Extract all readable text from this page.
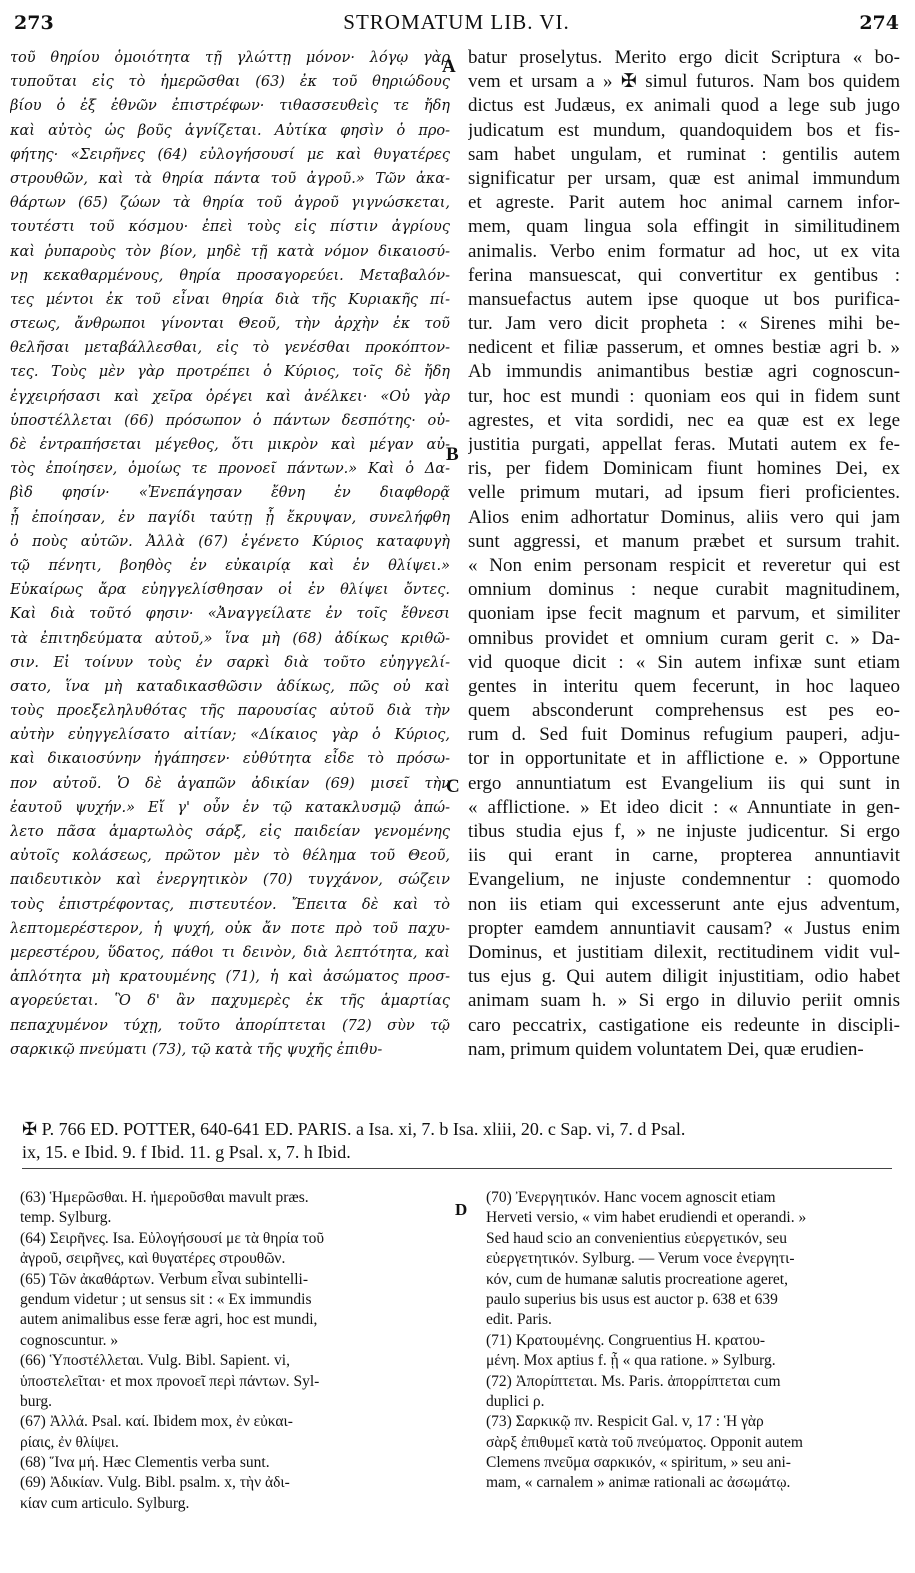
273	STROMATUM LIB. VI.	274
τοῦ θηρίου ὁμοιότητα τῇ γλώττῃ μόνον· λόγῳ γὰρ
τυποῦται εἰς τὸ ἡμερῶσθαι (63) ἐκ τοῦ θηριώδους
βίου ὁ ἐξ ἐθνῶν ἐπιστρέφων· τιθασσευθεὶς τε ἤδη
καὶ αὐτὸς ὡς βοῦς ἁγνίζεται. Αὐτίκα φησὶν ὁ προ-
φήτης· «Σειρῆνες (64) εὐλογήσουσί με καὶ θυγατέρες
στρουθῶν, καὶ τὰ θηρία πάντα τοῦ ἀγροῦ.» Τῶν ἀκα-
θάρτων (65) ζώων τὰ θηρία τοῦ ἀγροῦ γιγνώσκεται,
τουτέστι τοῦ κόσμου· ἐπεὶ τοὺς εἰς πίστιν ἀγρίους
καὶ ῥυπαροὺς τὸν βίον, μηδὲ τῇ κατὰ νόμον δικαιοσύ-
νῃ κεκαθαρμένους, θηρία προσαγορεύει. Μεταβαλόν-
τες μέντοι ἐκ τοῦ εἶναι θηρία διὰ τῆς Κυριακῆς πί-
στεως, ἄνθρωποι γίνονται Θεοῦ, τὴν ἀρχὴν ἐκ τοῦ
θελῆσαι μεταβάλλεσθαι, εἰς τὸ γενέσθαι προκόπτον-
τες. Τοὺς μὲν γὰρ προτρέπει ὁ Κύριος, τοῖς δὲ ἤδη
ἐγχειρήσασι καὶ χεῖρα ὀρέγει καὶ ἀνέλκει· «Οὐ γὰρ
ὑποστέλλεται (66) πρόσωπον ὁ πάντων δεσπότης· οὐ-
δὲ ἐντραπήσεται μέγεθος, ὅτι μικρὸν καὶ μέγαν αὐ-
τὸς ἐποίησεν, ὁμοίως τε προνοεῖ πάντων.» Καὶ ὁ Δα-
βὶδ φησίν· «Ἐνεπάγησαν ἔθνη ἐν διαφθορᾷ
ᾗ ἐποίησαν, ἐν παγίδι ταύτῃ ᾗ ἔκρυψαν, συνελήφθη
ὁ ποὺς αὐτῶν. Ἀλλὰ (67) ἐγένετο Κύριος καταφυγὴ
τῷ πένητι, βοηθὸς ἐν εὐκαιρίᾳ καὶ ἐν θλίψει.»
Εὐκαίρως ἄρα εὐηγγελίσθησαν οἱ ἐν θλίψει ὄντες.
Καὶ διὰ τοῦτό φησιν· «Ἀναγγείλατε ἐν τοῖς ἔθνεσι
τὰ ἐπιτηδεύματα αὐτοῦ,» ἵνα μὴ (68) ἀδίκως κριθῶ-
σιν. Εἰ τοίνυν τοὺς ἐν σαρκὶ διὰ τοῦτο εὐηγγελί-
σατο, ἵνα μὴ καταδικασθῶσιν ἀδίκως, πῶς οὐ καὶ
τοὺς προεξεληλυθότας τῆς παρουσίας αὐτοῦ διὰ τὴν
αὐτὴν εὐηγγελίσατο αἰτίαν; «Δίκαιος γὰρ ὁ Κύριος,
καὶ δικαιοσύνην ἠγάπησεν· εὐθύτητα εἶδε τὸ πρόσω-
πον αὐτοῦ. Ὁ δὲ ἀγαπῶν ἀδικίαν (69) μισεῖ τὴν
ἑαυτοῦ ψυχήν.» Εἴ γ' οὖν ἐν τῷ κατακλυσμῷ ἀπώ-
λετο πᾶσα ἁμαρτωλὸς σάρξ, εἰς παιδείαν γενομένης
αὐτοῖς κολάσεως, πρῶτον μὲν τὸ θέλημα τοῦ Θεοῦ,
παιδευτικὸν καὶ ἐνεργητικὸν (70) τυγχάνον, σώζειν
τοὺς ἐπιστρέφοντας, πιστευτέον. Ἔπειτα δὲ καὶ τὸ
λεπτομερέστερον, ἡ ψυχή, οὐκ ἄν ποτε πρὸ τοῦ παχυ-
μερεστέρου, ὕδατος, πάθοι τι δεινὸν, διὰ λεπτότητα, καὶ
ἁπλότητα μὴ κρατουμένης (71), ἡ καὶ ἀσώματος προσ-
αγορεύεται. Ὃ δ' ἂν παχυμερὲς ἐκ τῆς ἁμαρτίας
πεπαχυμένον τύχῃ, τοῦτο ἀπορίπτεται (72) σὺν τῷ
σαρκικῷ πνεύματι (73), τῷ κατὰ τῆς ψυχῆς ἐπιθυ-
batur proselytus. Merito ergo dicit Scriptura « bo-
vem et ursam a » ✠ simul futuros. Nam bos quidem
dictus est Judæus, ex animali quod a lege sub jugo
judicatum est mundum, quandoquidem bos et fis-
sam habet ungulam, et ruminat : gentilis autem
significatur per ursam, quæ est animal immundum
et agreste. Parit autem hoc animal carnem infor-
mem, quam lingua sola effingit in similitudinem
animalis. Verbo enim formatur ad hoc, ut ex vita
ferina mansuescat, qui convertitur ex gentibus :
mansuefactus autem ipse quoque ut bos purifica-
tur. Jam vero dicit propheta : « Sirenes mihi be-
nedicent et filiæ passerum, et omnes bestiæ agri b. »
Ab immundis animantibus bestiæ agri cognoscun-
tur, hoc est mundi : quoniam eos qui in fidem sunt
agrestes, et vita sordidi, nec ea quæ est ex lege
justitia purgati, appellat feras. Mutati autem ex fe-
ris, per fidem Dominicam fiunt homines Dei, ex
velle primum mutari, ad ipsum fieri proficientes.
Alios enim adhortatur Dominus, aliis vero qui jam
sunt aggressi, et manum præbet et sursum trahit.
« Non enim personam respicit et reveretur qui est
omnium dominus : neque curabit magnitudinem,
quoniam ipse fecit magnum et parvum, et similiter
omnibus providet et omnium curam gerit c. » Da-
vid quoque dicit : « Sin autem infixæ sunt etiam
gentes in interitu quem fecerunt, in hoc laqueo
quem absconderunt comprehensus est pes eo-
rum d. Sed fuit Dominus refugium pauperi, adju-
tor in opportunitate et in afflictione e. » Opportune
ergo annuntiatum est Evangelium iis qui sunt in
« afflictione. » Et ideo dicit : « Annuntiate in gen-
tibus studia ejus f, » ne injuste judicentur. Si ergo
iis qui erant in carne, propterea annuntiavit
Evangelium, ne injuste condemnentur : quomodo
non iis etiam qui excesserunt ante ejus adventum,
propter eamdem annuntiavit causam? « Justus enim
Dominus, et justitiam dilexit, rectitudinem vidit vul-
tus ejus g. Qui autem diligit injustitiam, odio habet
animam suam h. » Si ergo in diluvio periit omnis
caro peccatrix, castigatione eis redeunte in discipli-
nam, primum quidem voluntatem Dei, quæ erudien-
A
B
C
D
✠ P. 766 ED. POTTER, 640-641 ED. PARIS. a Isa. xi, 7. b Isa. xliii, 20. c Sap. vi, 7. d Psal.
ix, 15. e Ibid. 9. f Ibid. 11. g Psal. x, 7. h Ibid.
(63) Ἡμερῶσθαι. H. ἡμεροῦσθαι mavult præs.
temp. Sylburg.
(64) Σειρῆνες. Isa. Εὐλογήσουσί με τὰ θηρία τοῦ
ἀγροῦ, σειρῆνες, καὶ θυγατέρες στρουθῶν.
(65) Τῶν ἀκαθάρτων. Verbum εἶναι subintelli-
gendum videtur ; ut sensus sit : « Ex immundis
autem animalibus esse feræ agri, hoc est mundi,
cognoscuntur. »
(66) Ὑποστέλλεται. Vulg. Bibl. Sapient. vi,
ὑποστελεῖται· et mox προνοεῖ περὶ πάντων. Syl-
burg.
(67) Ἀλλά. Psal. καί. Ibidem mox, ἐν εὐκαι-
ρίαις, ἐν θλίψει.
(68) Ἵνα μή. Hæc Clementis verba sunt.
(69) Ἀδικίαν. Vulg. Bibl. psalm. x, τὴν ἀδι-
κίαν cum articulo. Sylburg.
(70) Ἐνεργητικόν. Hanc vocem agnoscit etiam
Herveti versio, « vim habet erudiendi et operandi. »
Sed haud scio an convenientius εὐεργετικόν, seu
εὐεργετητικόν. Sylburg. — Verum voce ἐνεργητι-
κόν, cum de humanæ salutis procreatione ageret,
paulo superius bis usus est auctor p. 638 et 639
edit. Paris.
(71) Κρατουμένης. Congruentius H. κρατου-
μένη. Mox aptius f. ᾗ « qua ratione. » Sylburg.
(72) Ἀπορίπτεται. Ms. Paris. ἀπορρίπτεται cum
duplici ρ.
(73) Σαρκικῷ πν. Respicit Gal. v, 17 : Ἡ γὰρ
σὰρξ ἐπιθυμεῖ κατὰ τοῦ πνεύματος. Opponit autem
Clemens πνεῦμα σαρκικόν, « spiritum, » seu ani-
mam, « carnalem » animæ rationali ac ἀσωμάτῳ.
